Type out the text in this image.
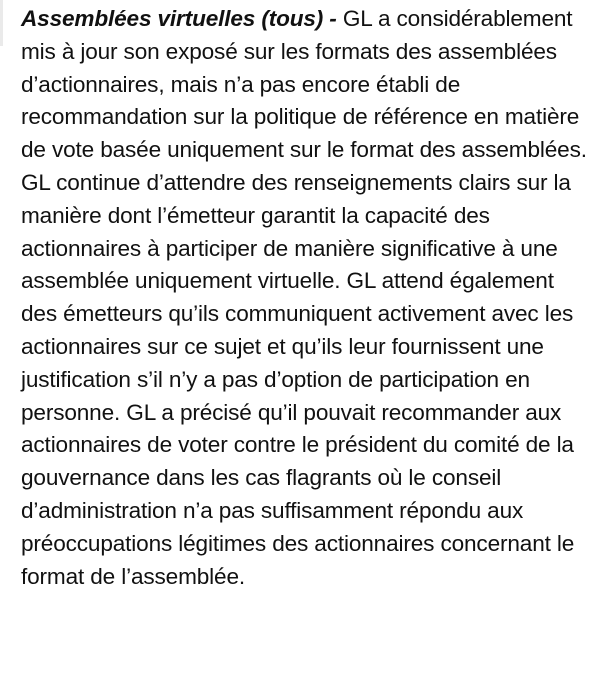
Assemblées virtuelles (tous) - GL a considérablement mis à jour son exposé sur les formats des assemblées d’actionnaires, mais n’a pas encore établi de recommandation sur la politique de référence en matière de vote basée uniquement sur le format des assemblées. GL continue d’attendre des renseignements clairs sur la manière dont l’émetteur garantit la capacité des actionnaires à participer de manière significative à une assemblée uniquement virtuelle. GL attend également des émetteurs qu’ils communiquent activement avec les actionnaires sur ce sujet et qu’ils leur fournissent une justification s’il n’y a pas d’option de participation en personne. GL a précisé qu’il pouvait recommander aux actionnaires de voter contre le président du comité de la gouvernance dans les cas flagrants où le conseil d’administration n’a pas suffisamment répondu aux préoccupations légitimes des actionnaires concernant le format de l’assemblée.
